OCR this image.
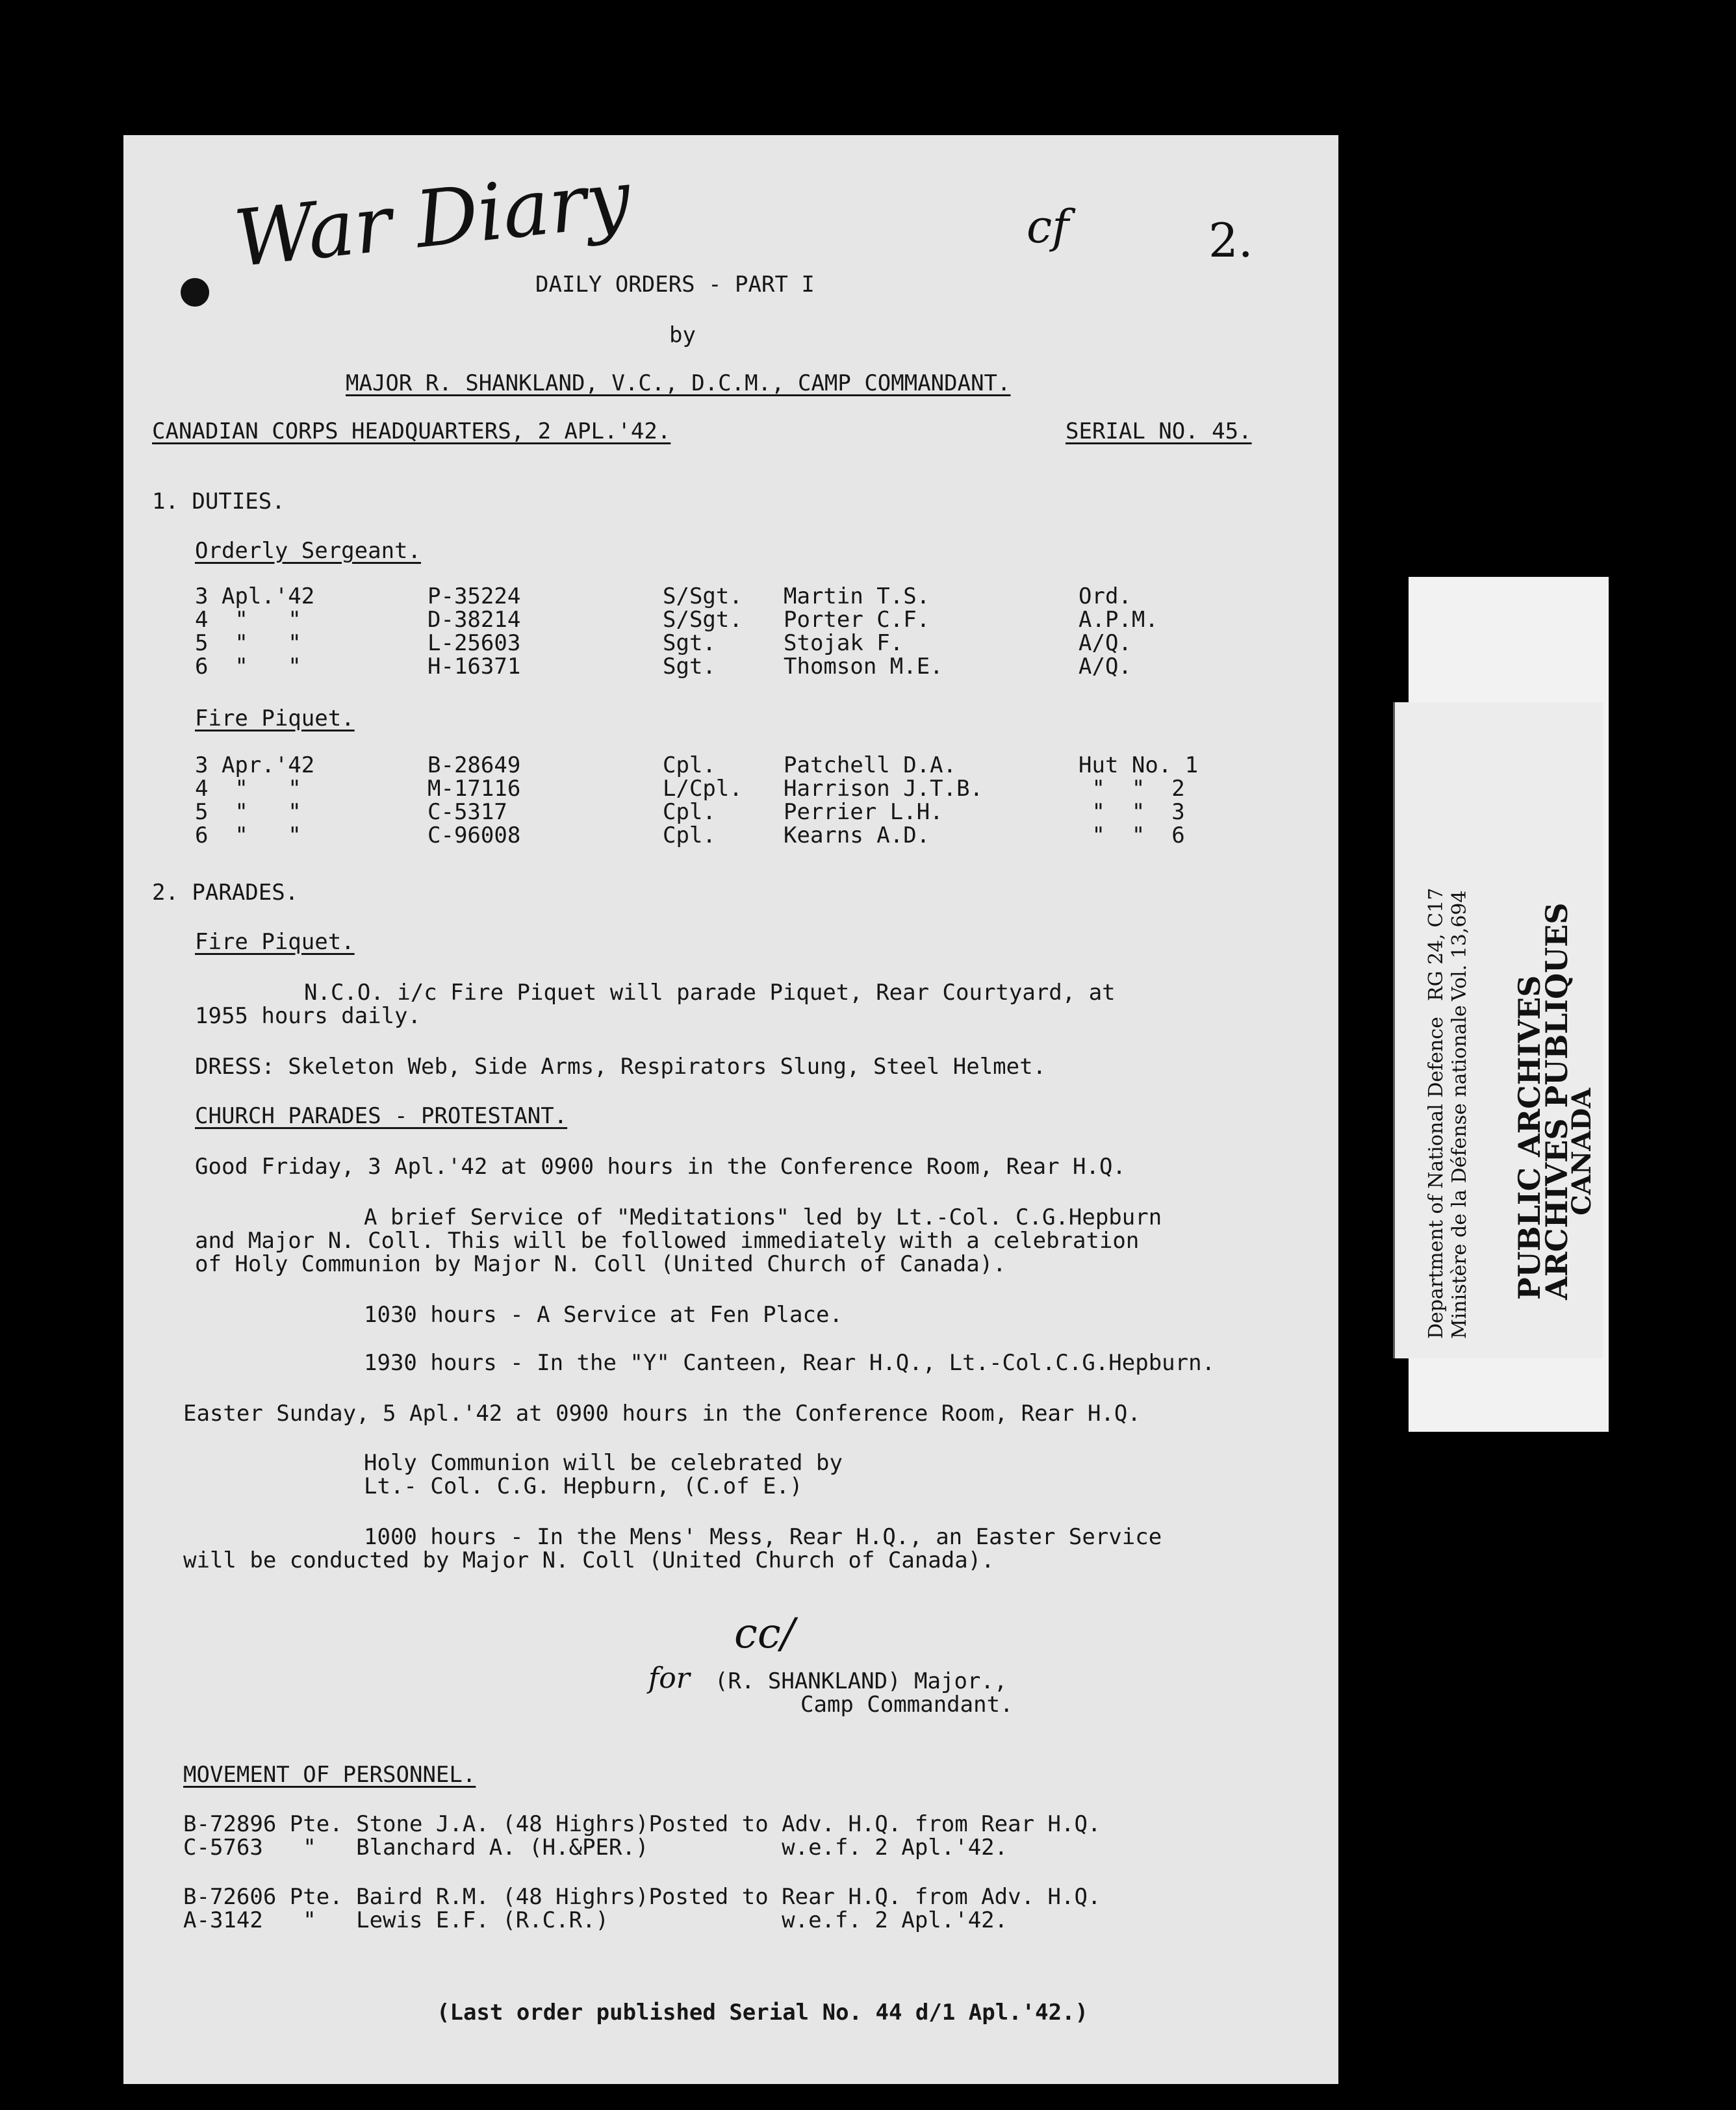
War Diary	cf	2.
DAILY ORDERS - PART I
by
MAJOR R. SHANKLAND, V.C., D.C.M., CAMP COMMANDANT.
CANADIAN CORPS HEADQUARTERS, 2 APL.'42.	SERIAL NO. 45.
1. DUTIES.
Orderly Sergeant.
3 Apl.'42	P-35224	S/Sgt. Martin T.S.	Ord.
4  "   "	D-38214	S/Sgt. Porter C.F.	A.P.M.
5  "   "	L-25603	Sgt.	Stojak F.	A/Q.
6  "   "	H-16371	Sgt.	Thomson M.E.	A/Q.
Fire Piquet.
3 Apr.'42	B-28649	Cpl.	Patchell D.A.	Hut No. 1
4  "   "	M-17116	L/Cpl. Harrison J.T.B.	"  "  2
5  "   "	C-5317	Cpl.	Perrier L.H.	"  "  3
6  "   "	C-96008	Cpl.	Kearns A.D.	"  "  6
2. PARADES.
Fire Piquet.
N.C.O. i/c Fire Piquet will parade Piquet, Rear Courtyard, at
1955 hours daily.
DRESS: Skeleton Web, Side Arms, Respirators Slung, Steel Helmet.
CHURCH PARADES - PROTESTANT.
Good Friday, 3 Apl.'42 at 0900 hours in the Conference Room, Rear H.Q.
A brief Service of "Meditations" led by Lt.-Col. C.G.Hepburn
and Major N. Coll. This will be followed immediately with a celebration
of Holy Communion by Major N. Coll (United Church of Canada).
1030 hours - A Service at Fen Place.
1930 hours - In the "Y" Canteen, Rear H.Q., Lt.-Col.C.G.Hepburn.
Easter Sunday, 5 Apl.'42 at 0900 hours in the Conference Room, Rear H.Q.
Holy Communion will be celebrated by
Lt.- Col. C.G. Hepburn, (C.of E.)
1000 hours - In the Mens' Mess, Rear H.Q., an Easter Service
will be conducted by Major N. Coll (United Church of Canada).
cc/
for (R. SHANKLAND) Major.,
Camp Commandant.
MOVEMENT OF PERSONNEL.
B-72896 Pte. Stone J.A. (48 Highrs)Posted to Adv. H.Q. from Rear H.Q.
C-5763   "   Blanchard A. (H.&PER.)          w.e.f. 2 Apl.'42.
B-72606 Pte. Baird R.M. (48 Highrs)Posted to Rear H.Q. from Adv. H.Q.
A-3142   "   Lewis E.F. (R.C.R.)             w.e.f. 2 Apl.'42.
(Last order published Serial No. 44 d/1 Apl.'42.)
PUBLIC ARCHIVES
ARCHIVES PUBLIQUES
CANADA
Department of National Defence Ministère de la Défense nationale
RG 24, C17 Vol. 13,694
